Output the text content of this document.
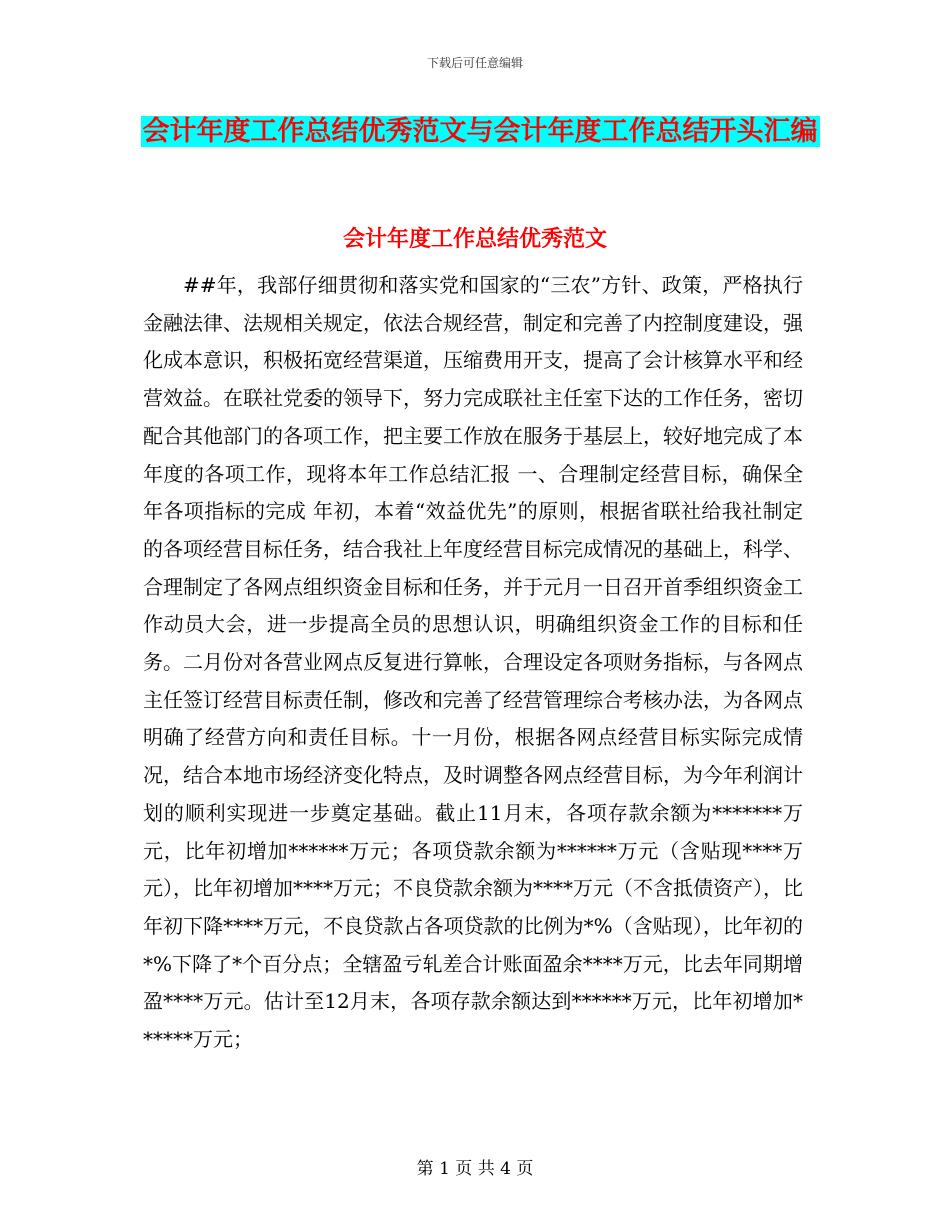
下载后可任意编辑
会计年度工作总结优秀范文与会计年度工作总结开头汇编
会计年度工作总结优秀范文

##年，我部仔细贯彻和落实党和国家的“三农”方针、政策，严格执行金融法律、法规相关规定，依法合规经营，制定和完善了内控制度建设，强化成本意识，积极拓宽经营渠道，压缩费用开支，提高了会计核算水平和经营效益。在联社党委的领导下，努力完成联社主任室下达的工作任务，密切配合其他部门的各项工作，把主要工作放在服务于基层上，较好地完成了本年度的各项工作，现将本年工作总结汇报 一、合理制定经营目标，确保全年各项指标的完成 年初，本着“效益优先”的原则，根据省联社给我社制定的各项经营目标任务，结合我社上年度经营目标完成情况的基础上，科学、合理制定了各网点组织资金目标和任务，并于元月一日召开首季组织资金工作动员大会，进一步提高全员的思想认识，明确组织资金工作的目标和任务。二月份对各营业网点反复进行算帐，合理设定各项财务指标，与各网点主任签订经营目标责任制，修改和完善了经营管理综合考核办法，为各网点明确了经营方向和责任目标。十一月份，根据各网点经营目标实际完成情况，结合本地市场经济变化特点，及时调整各网点经营目标，为今年利润计划的顺利实现进一步奠定基础。截止11月末，各项存款余额为*******万元，比年初增加******万元；各项贷款余额为******万元（含贴现****万元），比年初增加****万元；不良贷款余额为****万元（不含抵债资产），比年初下降****万元，不良贷款占各项贷款的比例为*%（含贴现），比年初的*%下降了*个百分点；全辖盈亏轧差合计账面盈余****万元，比去年同期增盈****万元。估计至12月末，各项存款余额达到******万元，比年初增加******万元；

第 1 页 共 4 页
